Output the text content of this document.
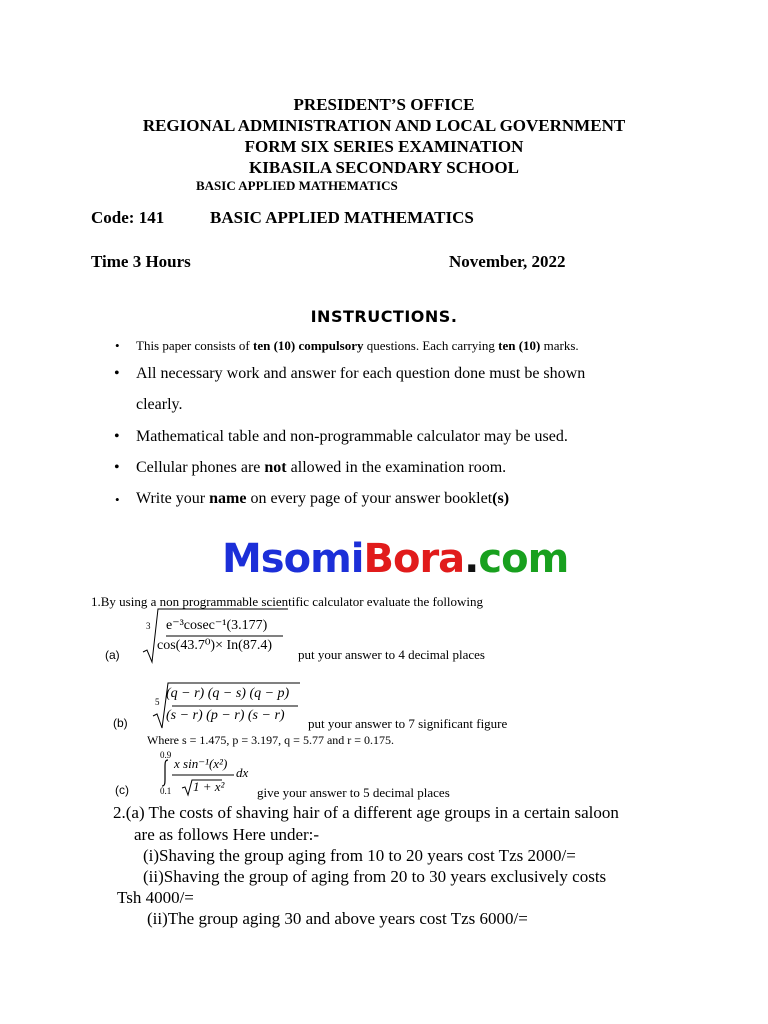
PRESIDENT’S OFFICE
REGIONAL ADMINISTRATION AND LOCAL GOVERNMENT
FORM SIX SERIES EXAMINATION
KIBASILA SECONDARY SCHOOL
BASIC APPLIED MATHEMATICS
Code: 141	BASIC APPLIED MATHEMATICS
Time 3 Hours	November, 2022
INSTRUCTIONS.
• This paper consists of ten (10) compulsory questions. Each carrying ten (10) marks.
• All necessary work and answer for each question done must be shown
clearly.
• Mathematical table and non-programmable calculator may be used.
• Cellular phones are not allowed in the examination room.
• Write your name on every page of your answer booklet(s)
MsomiBora.com
1.By using a non programmable scientific calculator evaluate the following
(a)
3 e⁻³cosec⁻¹(3.177)
cos(43.7⁰)× In(87.4)
put your answer to 4 decimal places
(b)
5
(q − r) (q − s) (q − p)
(s − r) (p − r) (s − r)
put your answer to 7 significant figure
Where s = 1.475, p = 3.197, q = 5.77 and r = 0.175.
(c)
0.9
0.1
x sin⁻¹(x²)
1 + x²
dx
give your answer to 5 decimal places
2.(a) The costs of shaving hair of a different age groups in a certain saloon
are as follows Here under:-
(i)Shaving the group aging from 10 to 20 years cost Tzs 2000/=
(ii)Shaving the group of aging from 20 to 30 years exclusively costs
Tsh 4000/=
(ii)The group aging 30 and above years cost Tzs 6000/=
